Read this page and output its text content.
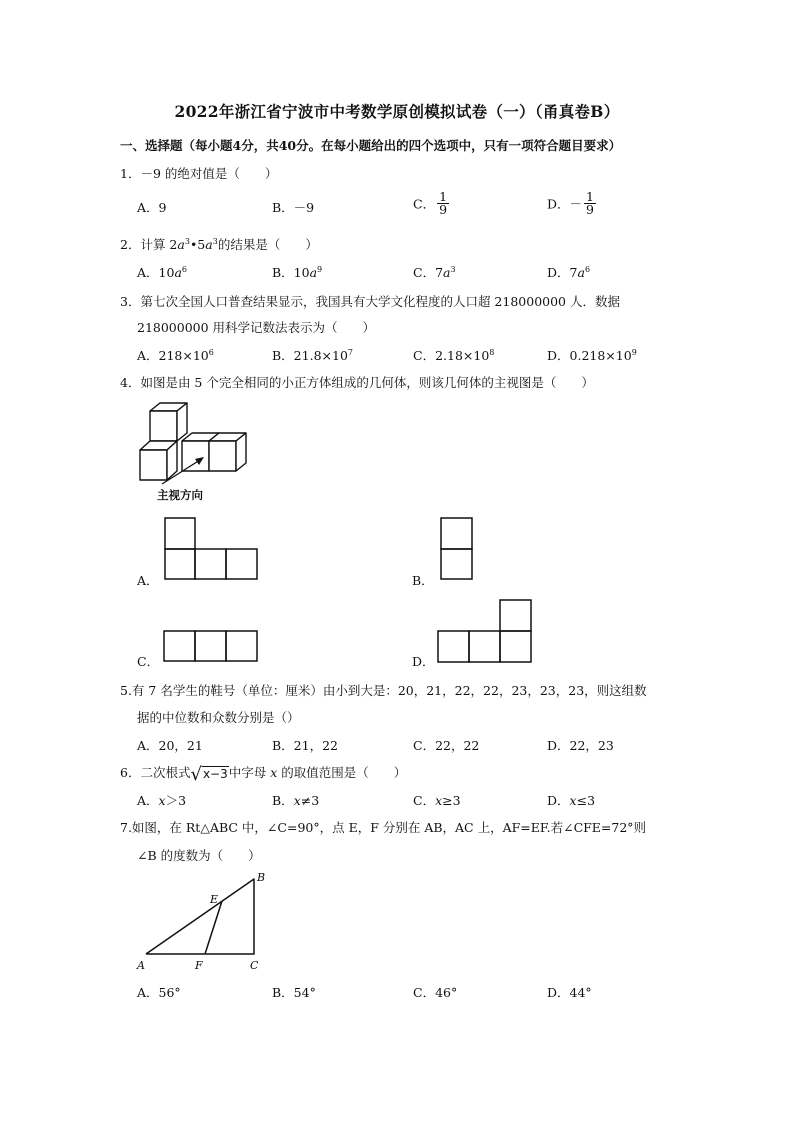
2022年浙江省宁波市中考数学原创模拟试卷（一）（甬真卷B）
一、选择题（每小题4分，共40分。在每小题给出的四个选项中，只有一项符合题目要求）
1．－9 的绝对值是（　　）
A．9	B．－9	C． $\frac{1}{9}$	D．－ $\frac{1}{9}$
2．计算 $2a^3•5a^3$的结果是（　　）
A．$10a^6$	B．$10a^9$	C．$7a^3$	D．$7a^6$
3．第七次全国人口普查结果显示，我国具有大学文化程度的人口超 218000000 人．数据
218000000 用科学记数法表示为（　　）
A．$218\times 10^6$	B．$21.8\times 10^7$	C．$2.18\times 10^8$	D．$0.218\times 10^9$
4．如图是由 5 个完全相同的小正方体组成的几何体，则该几何体的主视图是（　　）
主视方向
A．	B．
C．	D．
5.有 7 名学生的鞋号（单位：厘米）由小到大是：20，21，22，22，23，23，23，则这组数
据的中位数和众数分别是（）
A．20，21	B．21，22	C．22，22	D．22，23
6．二次根式√x−3中字母 x 的取值范围是（　　）
A．x＞3	B．x≠3	C．x≥3	D．x≤3
7.如图，在 Rt△ABC 中，∠C=90°，点 E，F 分别在 AB，AC 上，AF=EF.若∠CFE=72°则
∠B 的度数为（　　）
A
B
C
E
F
A．56°	B．54°	C．46°	D．44°
